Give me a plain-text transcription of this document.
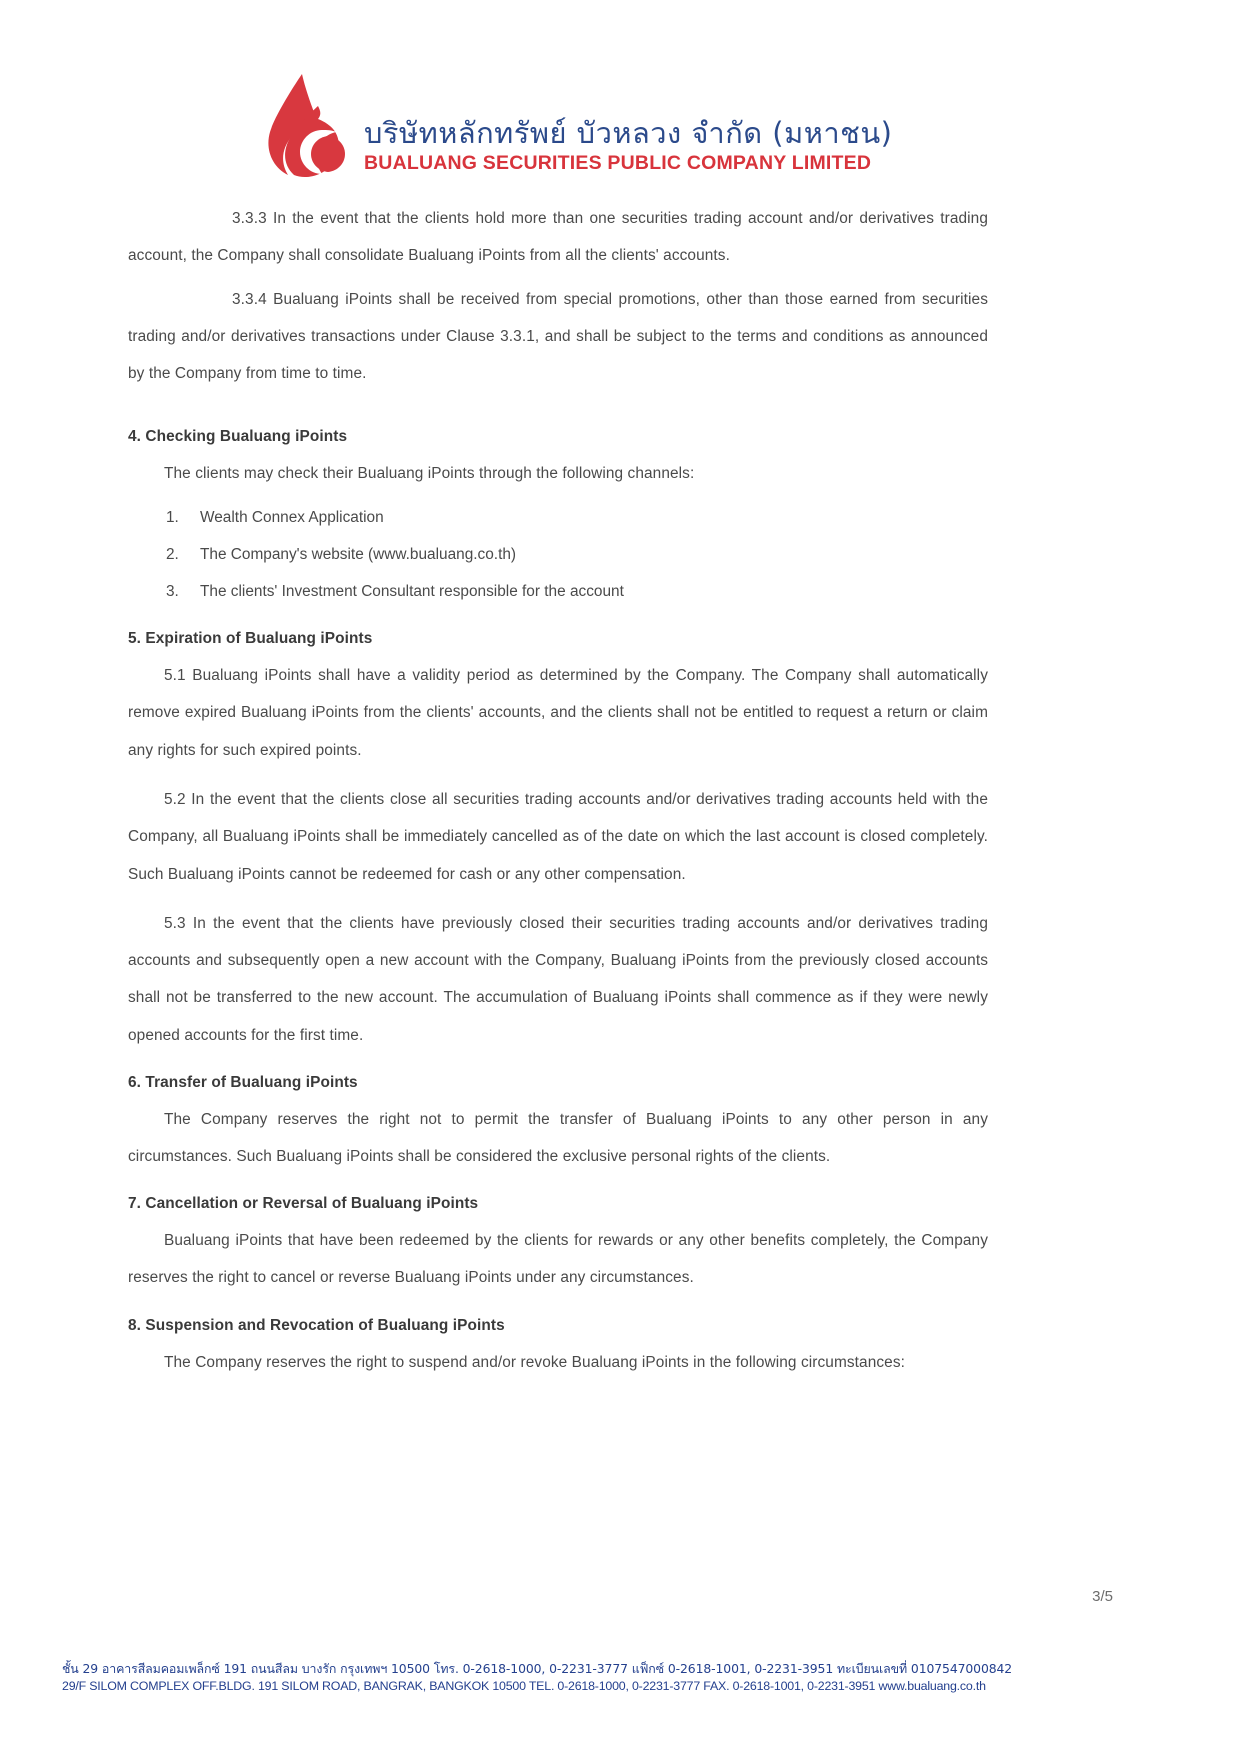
บริษัทหลักทรัพย์ บัวหลวง จำกัด (มหาชน)
BUALUANG SECURITIES PUBLIC COMPANY LIMITED

3.3.3 In the event that the clients hold more than one securities trading account and/or derivatives trading account, the Company shall consolidate Bualuang iPoints from all the clients' accounts.

3.3.4 Bualuang iPoints shall be received from special promotions, other than those earned from securities trading and/or derivatives transactions under Clause 3.3.1, and shall be subject to the terms and conditions as announced by the Company from time to time.

4. Checking Bualuang iPoints

The clients may check their Bualuang iPoints through the following channels:

1. Wealth Connex Application
2. The Company's website (www.bualuang.co.th)
3. The clients' Investment Consultant responsible for the account
5. Expiration of Bualuang iPoints

5.1 Bualuang iPoints shall have a validity period as determined by the Company. The Company shall automatically remove expired Bualuang iPoints from the clients' accounts, and the clients shall not be entitled to request a return or claim any rights for such expired points.

5.2 In the event that the clients close all securities trading accounts and/or derivatives trading accounts held with the Company, all Bualuang iPoints shall be immediately cancelled as of the date on which the last account is closed completely. Such Bualuang iPoints cannot be redeemed for cash or any other compensation.

5.3 In the event that the clients have previously closed their securities trading accounts and/or derivatives trading accounts and subsequently open a new account with the Company, Bualuang iPoints from the previously closed accounts shall not be transferred to the new account. The accumulation of Bualuang iPoints shall commence as if they were newly opened accounts for the first time.

6. Transfer of Bualuang iPoints

The Company reserves the right not to permit the transfer of Bualuang iPoints to any other person in any circumstances. Such Bualuang iPoints shall be considered the exclusive personal rights of the clients.

7. Cancellation or Reversal of Bualuang iPoints

Bualuang iPoints that have been redeemed by the clients for rewards or any other benefits completely, the Company reserves the right to cancel or reverse Bualuang iPoints under any circumstances.

8. Suspension and Revocation of Bualuang iPoints

The Company reserves the right to suspend and/or revoke Bualuang iPoints in the following circumstances:

3/5
ชั้น 29 อาคารสีลมคอมเพล็กซ์ 191 ถนนสีลม บางรัก กรุงเทพฯ 10500 โทร. 0-2618-1000, 0-2231-3777 แฟ็กซ์ 0-2618-1001, 0-2231-3951 ทะเบียนเลขที่ 0107547000842
29/F SILOM COMPLEX OFF.BLDG. 191 SILOM ROAD, BANGRAK, BANGKOK 10500 TEL. 0-2618-1000, 0-2231-3777 FAX. 0-2618-1001, 0-2231-3951 www.bualuang.co.th
